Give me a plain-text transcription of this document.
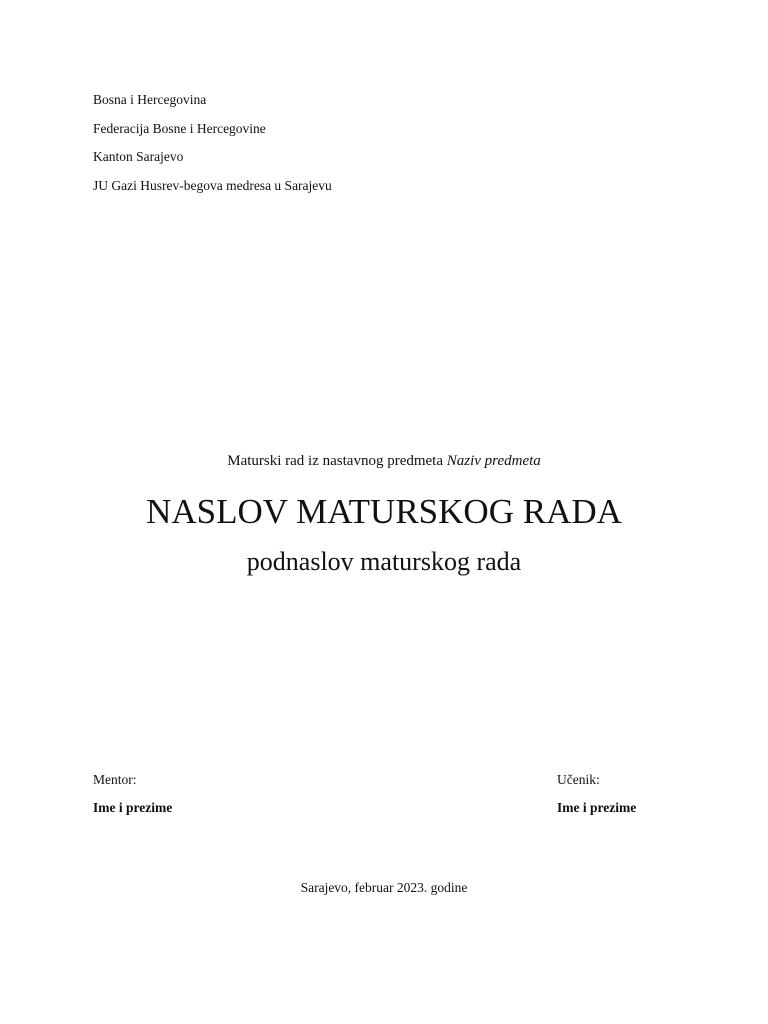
Bosna i Hercegovina
Federacija Bosne i Hercegovine
Kanton Sarajevo
JU Gazi Husrev-begova medresa u Sarajevu
Maturski rad iz nastavnog predmeta Naziv predmeta
NASLOV MATURSKOG RADA
podnaslov maturskog rada
Mentor:
Ime i prezime
Učenik:
Ime i prezime
Sarajevo, februar 2023. godine
